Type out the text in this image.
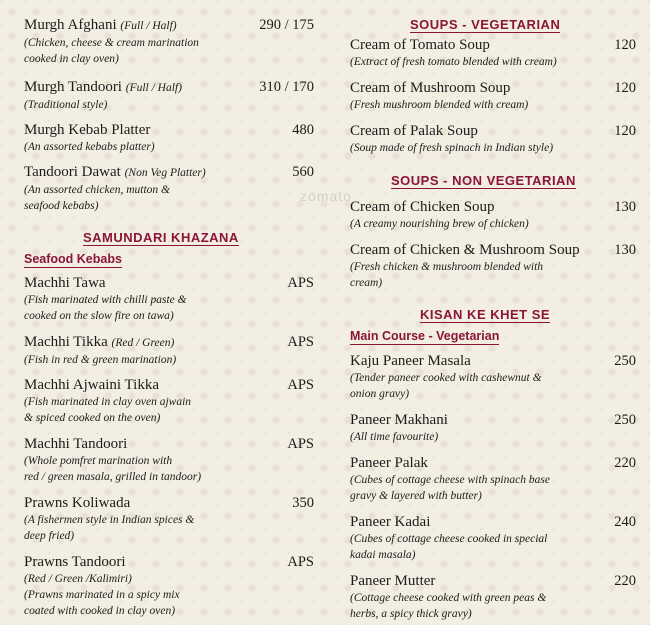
zomato
Murgh Afghani (Full / Half)	290 / 175
(Chicken, cheese & cream marination
cooked in clay oven)
Murgh Tandoori (Full / Half)	310 / 170
(Traditional style)
Murgh Kebab Platter	480
(An assorted kebabs platter)
Tandoori Dawat (Non Veg Platter)	560
(An assorted chicken, mutton &
seafood kebabs)
SAMUNDARI KHAZANA
Seafood Kebabs
Machhi Tawa	APS
(Fish marinated with chilli paste &
cooked on the slow fire on tawa)
Machhi Tikka (Red / Green)	APS
(Fish in red & green marination)
Machhi Ajwaini Tikka	APS
(Fish marinated in clay oven ajwain
& spiced cooked on the oven)
Machhi Tandoori	APS
(Whole pomfret marination with
red / green masala, grilled in tandoor)
Prawns Koliwada	350
(A fishermen style in Indian spices &
deep fried)
Prawns Tandoori	APS
(Red / Green /Kalimiri)
(Prawns marinated in a spicy mix
coated with cooked in clay oven)
SOUPS - VEGETARIAN
Cream of Tomato Soup	120
(Extract of fresh tomato blended with cream)
Cream of Mushroom Soup	120
(Fresh mushroom blended with cream)
Cream of Palak Soup	120
(Soup made of fresh spinach in Indian style)
SOUPS - NON VEGETARIAN
Cream of Chicken Soup	130
(A creamy nourishing brew of chicken)
Cream of Chicken & Mushroom Soup 130
(Fresh chicken & mushroom blended with
cream)
KISAN KE KHET SE
Main Course - Vegetarian
Kaju Paneer Masala	250
(Tender paneer cooked with cashewnut &
onion gravy)
Paneer Makhani	250
(All time favourite)
Paneer Palak	220
(Cubes of cottage cheese with spinach base
gravy & layered with butter)
Paneer Kadai	240
(Cubes of cottage cheese cooked in special
kadai masala)
Paneer Mutter	220
(Cottage cheese cooked with green peas &
herbs, a spicy thick gravy)
